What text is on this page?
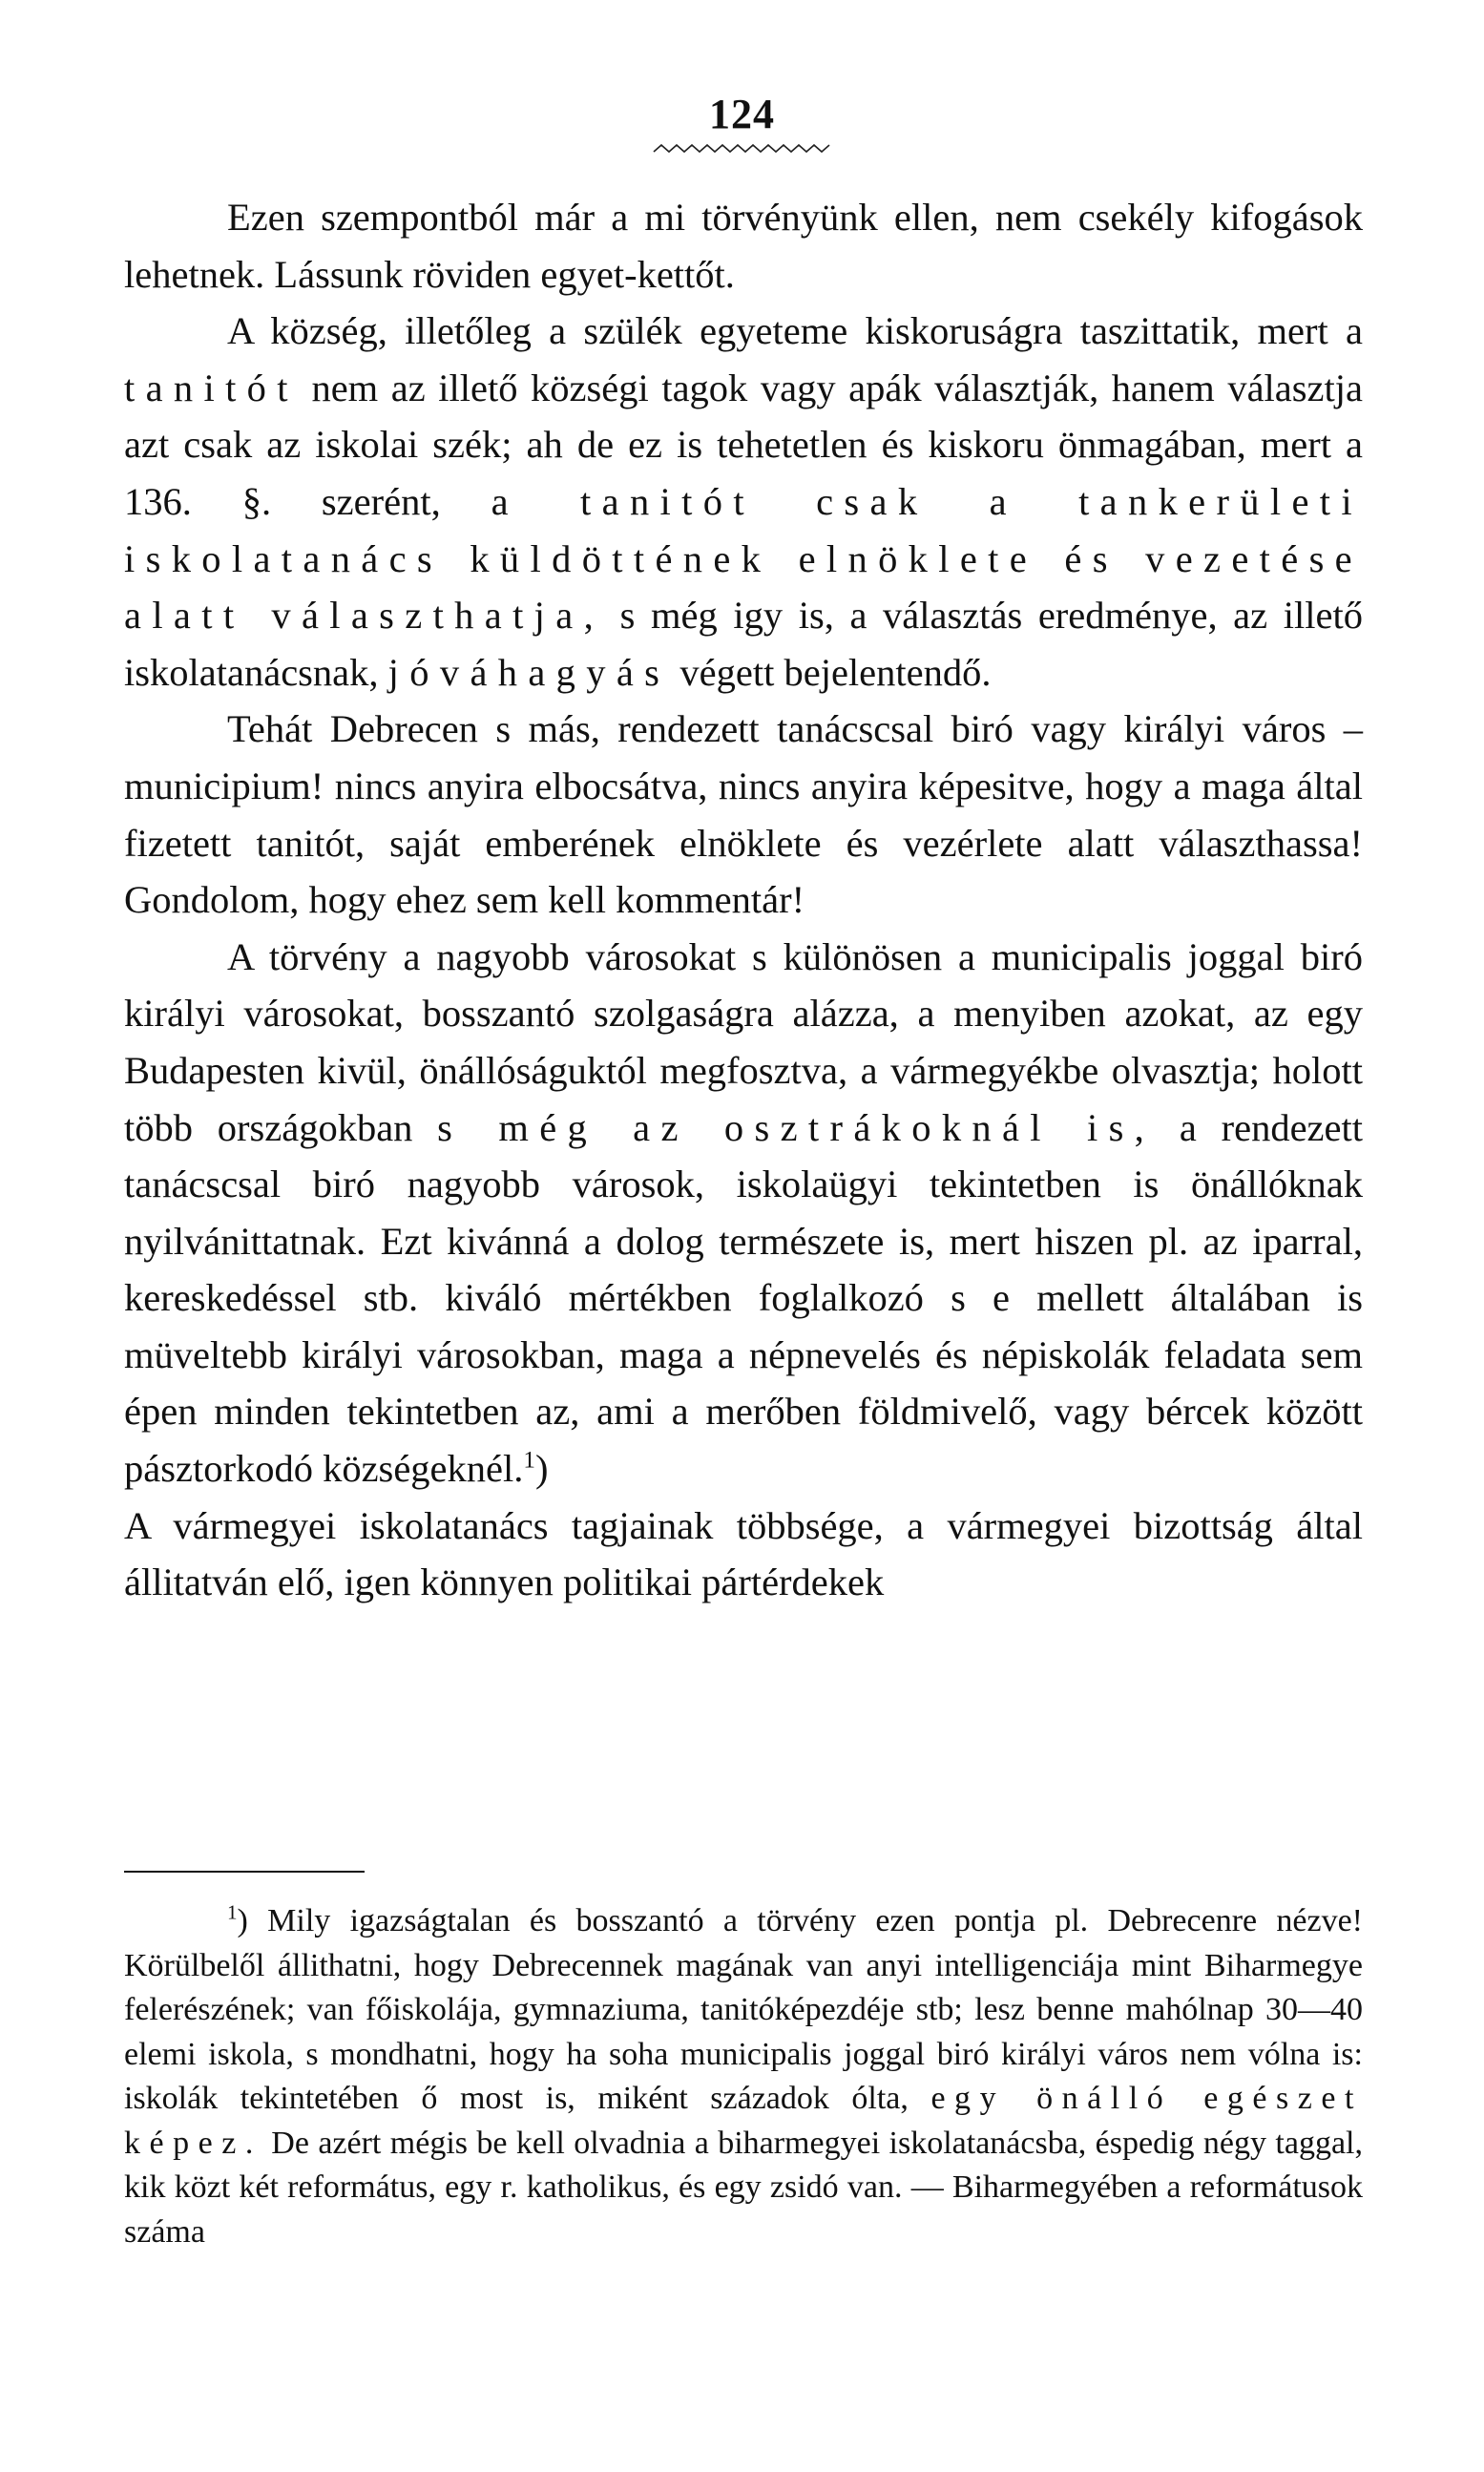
124

Ezen szempontból már a mi törvényünk ellen, nem csekély kifogások lehetnek. Lássunk röviden egyet-kettőt.

A község, illetőleg a szülék egyeteme kiskoruságra taszittatik, mert a tanitót nem az illető községi tagok vagy apák választják, hanem választja azt csak az iskolai szék; ah de ez is tehetetlen és kiskoru önmagában, mert a 136. §. szerént, a tanitót csak a tankerületi iskolatanács küldöttének elnöklete és vezetése alatt választhatja, s még igy is, a választás eredménye, az illető iskolatanácsnak, jóváhagyás végett bejelentendő.

Tehát Debrecen s más, rendezett tanácscsal biró vagy királyi város – municipium! nincs anyira elbocsátva, nincs anyira képesitve, hogy a maga által fizetett tanitót, saját emberének elnöklete és vezérlete alatt választhassa! Gondolom, hogy ehez sem kell kommentár!

A törvény a nagyobb városokat s különösen a municipalis joggal biró királyi városokat, bosszantó szolgaságra alázza, a menyiben azokat, az egy Budapesten kivül, önállóságuktól megfosztva, a vármegyékbe olvasztja; holott több országokban s még az osztrákoknál is, a rendezett tanácscsal biró nagyobb városok, iskolaügyi tekintetben is önállóknak nyilvánittatnak. Ezt kivánná a dolog természete is, mert hiszen pl. az iparral, kereskedéssel stb. kiváló mértékben foglalkozó s e mellett általában is müveltebb királyi városokban, maga a népnevelés és népiskolák feladata sem épen minden tekintetben az, ami a merőben földmivelő, vagy bércek között pásztorkodó községeknél.$^1$)

A vármegyei iskolatanács tagjainak többsége, a vármegyei bizottság által állitatván elő, igen könnyen politikai pártérdekek

$^1$) Mily igazságtalan és bosszantó a törvény ezen pontja pl. Debrecenre nézve! Körülbelől állithatni, hogy Debrecennek magának van anyi intelligenciája mint Biharmegye felerészének; van főiskolája, gymnaziuma, tanitóképezdéje stb; lesz benne mahólnap 30—40 elemi iskola, s mondhatni, hogy ha soha municipalis joggal biró királyi város nem vólna is: iskolák tekintetében ő most is, miként századok ólta, egy önálló egészet képez. De azért mégis be kell olvadnia a biharmegyei iskolatanácsba, éspedig négy taggal, kik közt két református, egy r. katholikus, és egy zsidó van. — Biharmegyében a reformátusok száma
